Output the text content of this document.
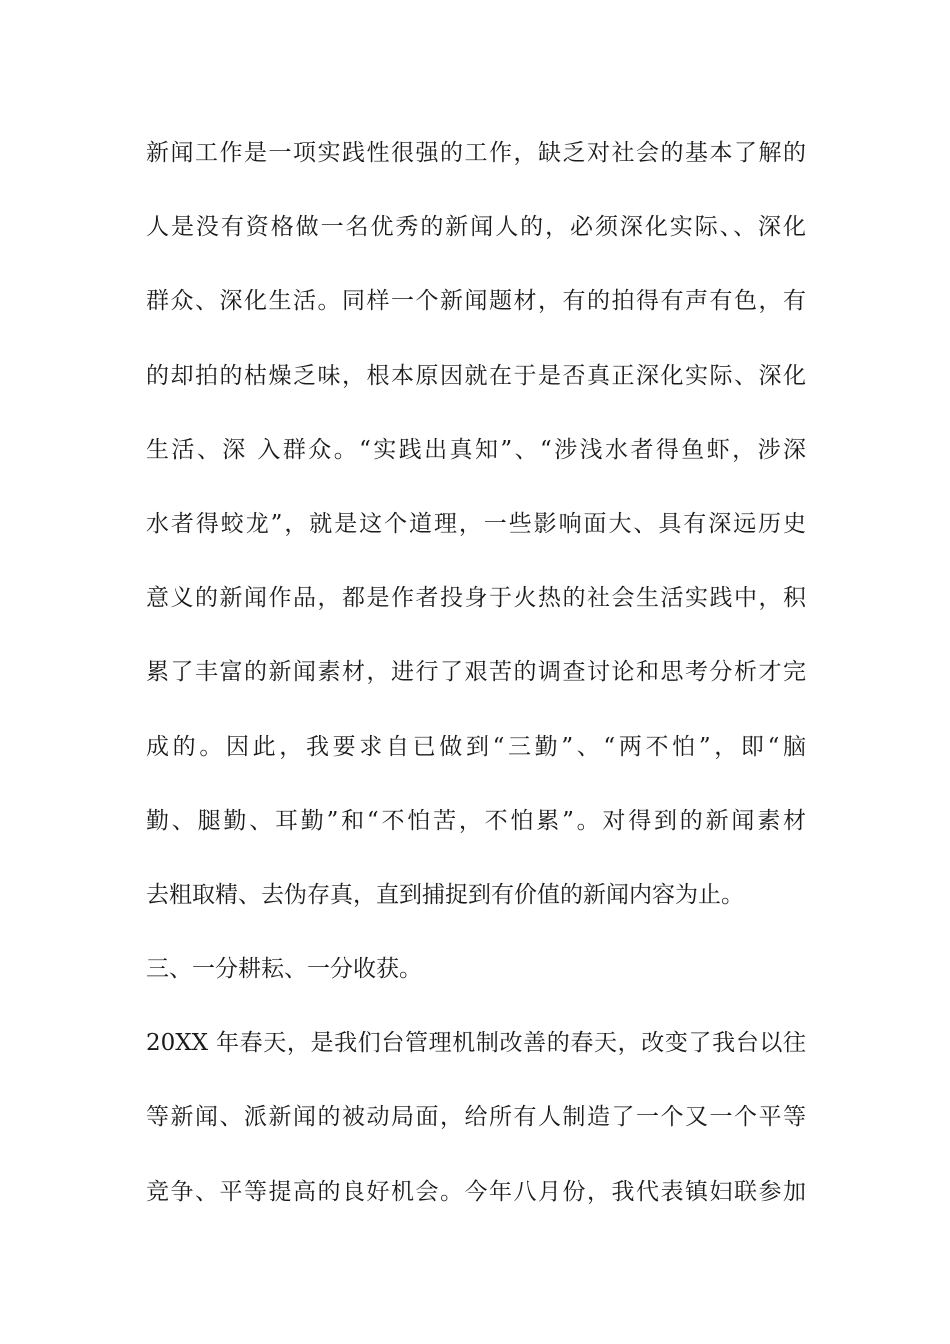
新闻工作是一项实践性很强的工作，缺乏对社会的基本了解的
人是没有资格做一名优秀的新闻人的，必须深化实际、、深化
群众、深化生活。同样一个新闻题材，有的拍得有声有色，有
的却拍的枯燥乏味，根本原因就在于是否真正深化实际、深化
生活、深 入群众。“实践出真知”、“涉浅水者得鱼虾，涉深
水者得蛟龙”，就是这个道理，一些影响面大、具有深远历史
意义的新闻作品，都是作者投身于火热的社会生活实践中，积
累了丰富的新闻素材，进行了艰苦的调查讨论和思考分析才完
成的。因此，我要求自已做到“三勤”、“两不怕”，即“脑
勤、腿勤、耳勤”和“不怕苦，不怕累”。对得到的新闻素材
去粗取精、去伪存真，直到捕捉到有价值的新闻内容为止。
三、一分耕耘、一分收获。
20XX 年春天，是我们台管理机制改善的春天，改变了我台以往
等新闻、派新闻的被动局面，给所有人制造了一个又一个平等
竞争、平等提高的良好机会。今年八月份，我代表镇妇联参加
